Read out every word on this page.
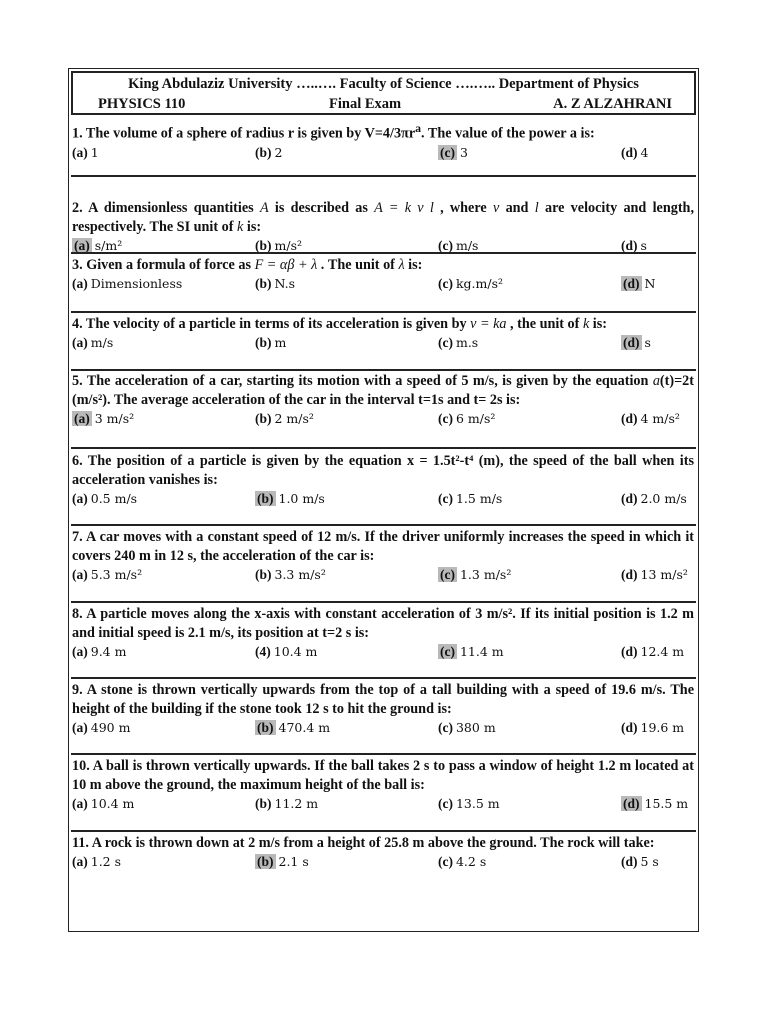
King Abdulaziz University …..…. Faculty of Science ….….. Department of Physics
PHYSICS 110	Final Exam	A. Z ALZAHRANI

1. The volume of a sphere of radius r is given by $V=4/3\pi r^a$. The value of the power a is:

(a) 1	(b) 2	(c) 3	(d) 4

2. A dimensionless quantities A is described as A = k v l , where v and l are velocity and length, respectively. The SI unit of k is:

(a) s/m²	(b) m/s²	(c) m/s	(d) s

3. Given a formula of force as F = αβ + λ . The unit of λ is:

(a) Dimensionless	(b) N.s	(c) kg.m/s²	(d) N

4. The velocity of a particle in terms of its acceleration is given by v = ka , the unit of k is:

(a) m/s	(b) m	(c) m.s	(d) s

5. The acceleration of a car, starting its motion with a speed of 5 m/s, is given by the equation a(t)=2t (m/s²). The average acceleration of the car in the interval t=1s and t= 2s is:

(a) 3 m/s²	(b) 2 m/s²	(c) 6 m/s²	(d) 4 m/s²

6. The position of a particle is given by the equation x = 1.5t²-t⁴ (m), the speed of the ball when its acceleration vanishes is:

(a) 0.5 m/s	(b) 1.0 m/s	(c) 1.5 m/s	(d) 2.0 m/s

7. A car moves with a constant speed of 12 m/s. If the driver uniformly increases the speed in which it covers 240 m in 12 s, the acceleration of the car is:

(a) 5.3 m/s²	(b) 3.3 m/s²	(c) 1.3 m/s²	(d) 13 m/s²

8. A particle moves along the x-axis with constant acceleration of 3 m/s². If its initial position is 1.2 m and initial speed is 2.1 m/s, its position at t=2 s is:

(a) 9.4 m	(4) 10.4 m	(c) 11.4 m	(d) 12.4 m

9. A stone is thrown vertically upwards from the top of a tall building with a speed of 19.6 m/s. The height of the building if the stone took 12 s to hit the ground is:

(a) 490 m	(b) 470.4 m	(c) 380 m	(d) 19.6 m

10. A ball is thrown vertically upwards. If the ball takes 2 s to pass a window of height 1.2 m located at 10 m above the ground, the maximum height of the ball is:

(a) 10.4 m	(b) 11.2 m	(c) 13.5 m	(d) 15.5 m

11. A rock is thrown down at 2 m/s from a height of 25.8 m above the ground. The rock will take:

(a) 1.2 s	(b) 2.1 s	(c) 4.2 s	(d) 5 s
